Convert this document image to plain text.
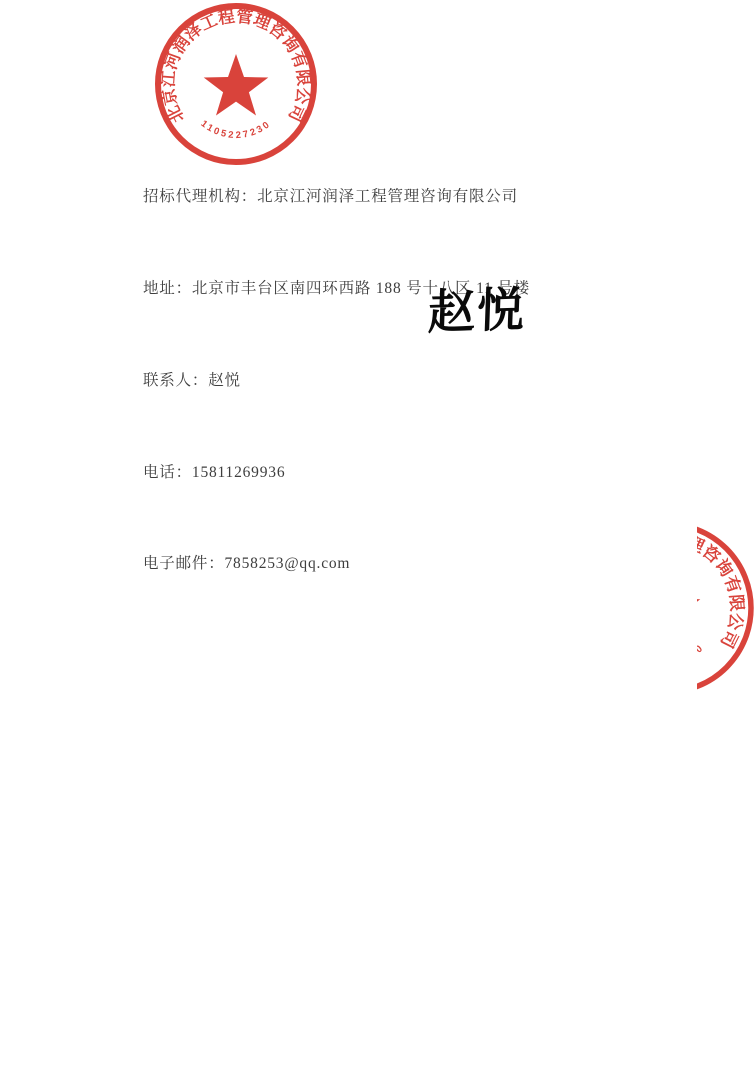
招标代理机构：北京江河润泽工程管理咨询有限公司

地址：北京市丰台区南四环西路 188 号十八区 11 号楼

联系人：赵悦

电话：15811269936

电子邮件：7858253@qq.com

北京江河润泽工程管理咨询有限公司
1105227230
赵悦
北京江河润泽工程管理咨询有限公司
1105227230
